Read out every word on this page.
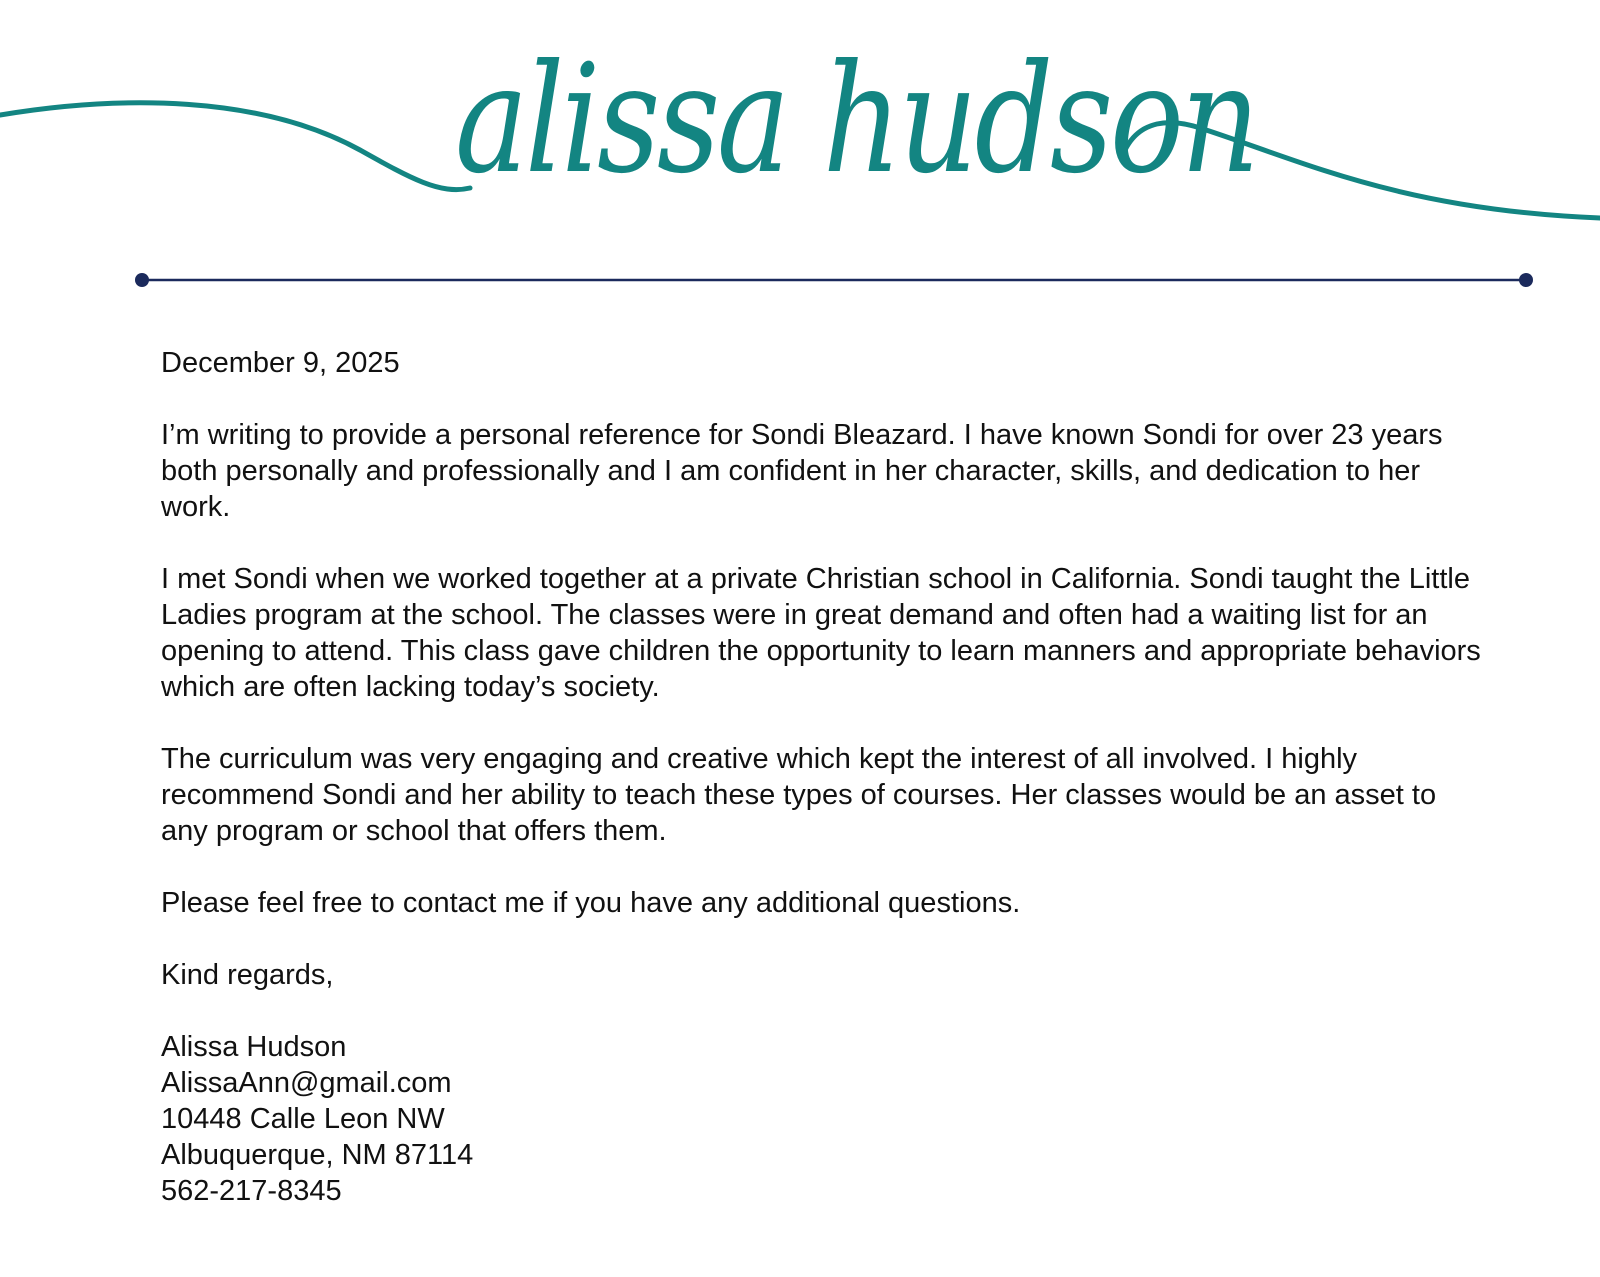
alissa hudson

December 9, 2025

I’m writing to provide a personal reference for Sondi Bleazard. I have known Sondi for over 23 years both personally and professionally and I am confident in her character, skills, and dedication to her work.

I met Sondi when we worked together at a private Christian school in California. Sondi taught the Little Ladies program at the school. The classes were in great demand and often had a waiting list for an opening to attend. This class gave children the opportunity to learn manners and appropriate behaviors which are often lacking today’s society.

The curriculum was very engaging and creative which kept the interest of all involved. I highly recommend Sondi and her ability to teach these types of courses. Her classes would be an asset to any program or school that offers them.

Please feel free to contact me if you have any additional questions.

Kind regards,

Alissa Hudson
AlissaAnn@gmail.com
10448 Calle Leon NW
Albuquerque, NM 87114
562-217-8345
